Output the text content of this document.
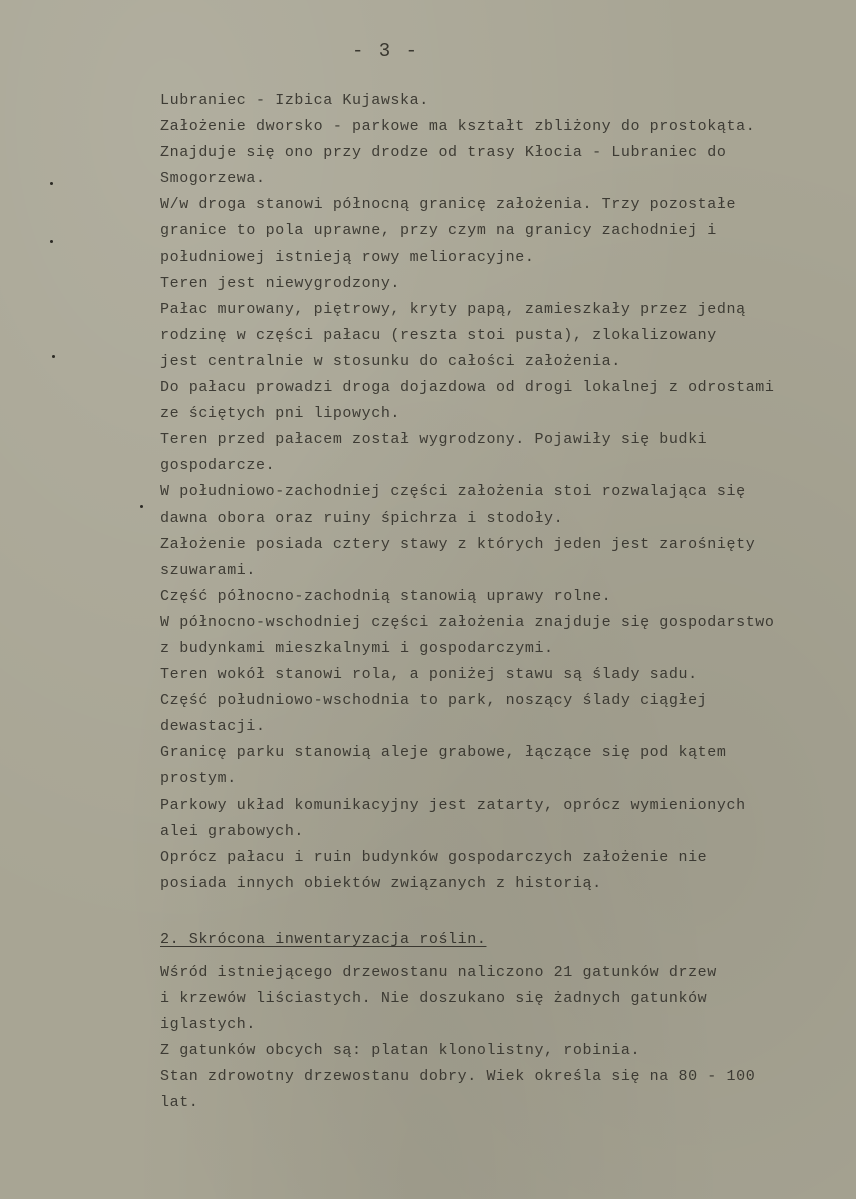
- 3 -
Lubraniec - Izbica Kujawska.
Założenie dworsko - parkowe ma kształt zbliżony do prostokąta.
Znajduje się ono przy drodze od trasy Kłocia - Lubraniec do
Smogorzewa.
W/w droga stanowi północną granicę założenia. Trzy pozostałe
granice to pola uprawne, przy czym na granicy zachodniej i
południowej istnieją rowy melioracyjne.
Teren jest niewygrodzony.
Pałac murowany, piętrowy, kryty papą, zamieszkały przez jedną
rodzinę w części pałacu (reszta stoi pusta), zlokalizowany
jest centralnie w stosunku do całości założenia.
Do pałacu prowadzi droga dojazdowa od drogi lokalnej z odrostami
ze ściętych pni lipowych.
Teren przed pałacem został wygrodzony. Pojawiły się budki
gospodarcze.
W południowo-zachodniej części założenia stoi rozwalająca się
dawna obora oraz ruiny śpichrza i stodoły.
Założenie posiada cztery stawy z których jeden jest zarośnięty
szuwarami.
Część północno-zachodnią stanowią uprawy rolne.
W północno-wschodniej części założenia znajduje się gospodarstwo
z budynkami mieszkalnymi i gospodarczymi.
Teren wokół stanowi rola, a poniżej stawu są ślady sadu.
Część południowo-wschodnia to park, noszący ślady ciągłej
dewastacji.
Granicę parku stanowią aleje grabowe, łączące się pod kątem
prostym.
Parkowy układ komunikacyjny jest zatarty, oprócz wymienionych
alei grabowych.
Oprócz pałacu i ruin budynków gospodarczych założenie nie
posiada innych obiektów związanych z historią.
2. Skrócona inwentaryzacja roślin.
Wśród istniejącego drzewostanu naliczono 21 gatunków drzew
i krzewów liściastych. Nie doszukano się żadnych gatunków
iglastych.
Z gatunków obcych są: platan klonolistny, robinia.
Stan zdrowotny drzewostanu dobry. Wiek określa się na 80 - 100
lat.
